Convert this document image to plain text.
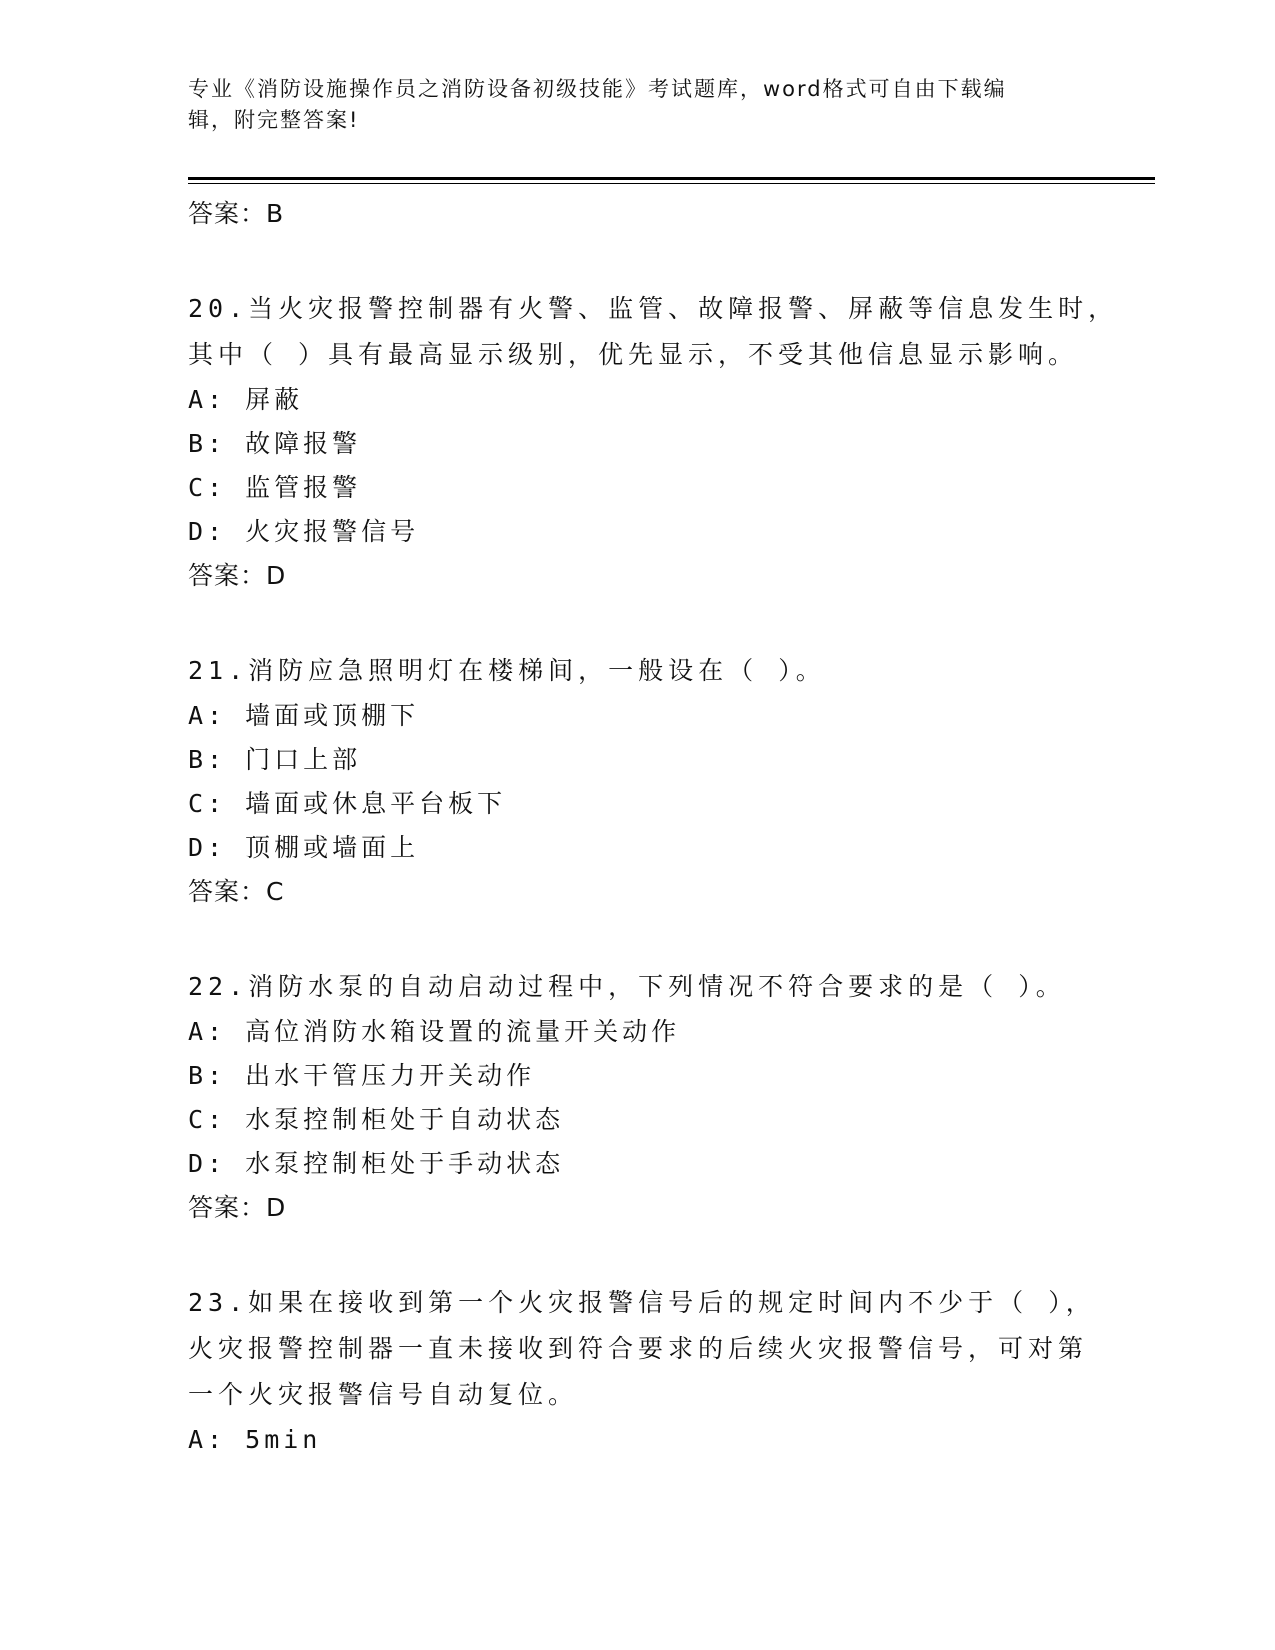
专业《消防设施操作员之消防设备初级技能》考试题库，word格式可自由下载编
辑，附完整答案!
答案：B
20.当火灾报警控制器有火警、监管、故障报警、屏蔽等信息发生时，
其中（ ）具有最高显示级别，优先显示，不受其他信息显示影响。
A: 屏蔽
B: 故障报警
C: 监管报警
D: 火灾报警信号
答案：D
21.消防应急照明灯在楼梯间，一般设在（ ）。
A: 墙面或顶棚下
B: 门口上部
C: 墙面或休息平台板下
D: 顶棚或墙面上
答案：C
22.消防水泵的自动启动过程中，下列情况不符合要求的是（ ）。
A: 高位消防水箱设置的流量开关动作
B: 出水干管压力开关动作
C: 水泵控制柜处于自动状态
D: 水泵控制柜处于手动状态
答案：D
23.如果在接收到第一个火灾报警信号后的规定时间内不少于（ ），
火灾报警控制器一直未接收到符合要求的后续火灾报警信号，可对第
一个火灾报警信号自动复位。
A: 5min
